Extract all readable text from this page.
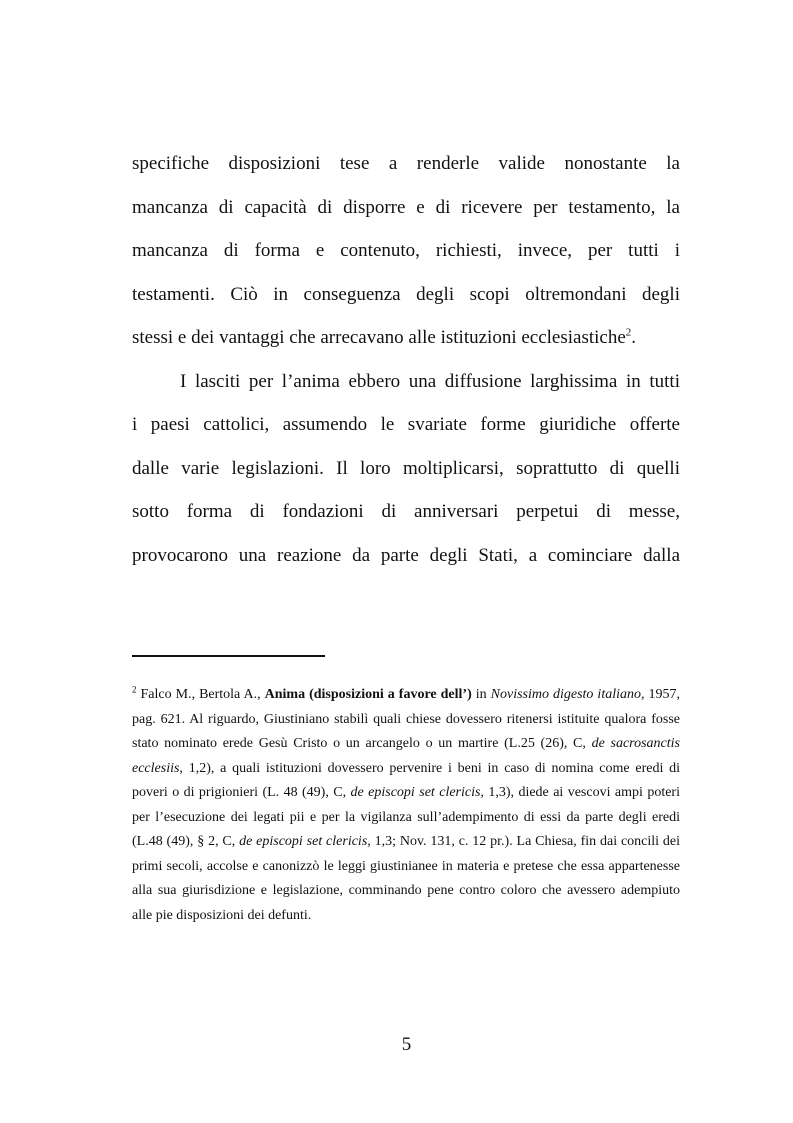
specifiche disposizioni tese a renderle valide nonostante la
mancanza di capacità di disporre e di ricevere per testamento, la
mancanza di forma e contenuto, richiesti, invece, per tutti i
testamenti. Ciò in conseguenza degli scopi oltremondani degli
stessi e dei vantaggi che arrecavano alle istituzioni ecclesiastiche$^2$.

I lasciti per l’anima ebbero una diffusione larghissima in tutti
i paesi cattolici, assumendo le svariate forme giuridiche offerte
dalle varie legislazioni. Il loro moltiplicarsi, soprattutto di quelli
sotto forma di fondazioni di anniversari perpetui di messe,
provocarono una reazione da parte degli Stati, a cominciare dalla

$^2$ Falco M., Bertola A., Anima (disposizioni a favore dell’) in Novissimo digesto italiano, 1957, pag. 621. Al riguardo, Giustiniano stabilì quali chiese dovessero ritenersi istituite qualora fosse stato nominato erede Gesù Cristo o un arcangelo o un martire (L.25 (26), C, de sacrosanctis ecclesiis, 1,2), a quali istituzioni dovessero pervenire i beni in caso di nomina come eredi di poveri o di prigionieri (L. 48 (49), C, de episcopi set clericis, 1,3), diede ai vescovi ampi poteri per l’esecuzione dei legati pii e per la vigilanza sull’adempimento di essi da parte degli eredi (L.48 (49), § 2, C, de episcopi set clericis, 1,3; Nov. 131, c. 12 pr.). La Chiesa, fin dai concili dei primi secoli, accolse e canonizzò le leggi giustinianee in materia e pretese che essa appartenesse alla sua giurisdizione e legislazione, comminando pene contro coloro che avessero adempiuto alle pie disposizioni dei defunti.

5
